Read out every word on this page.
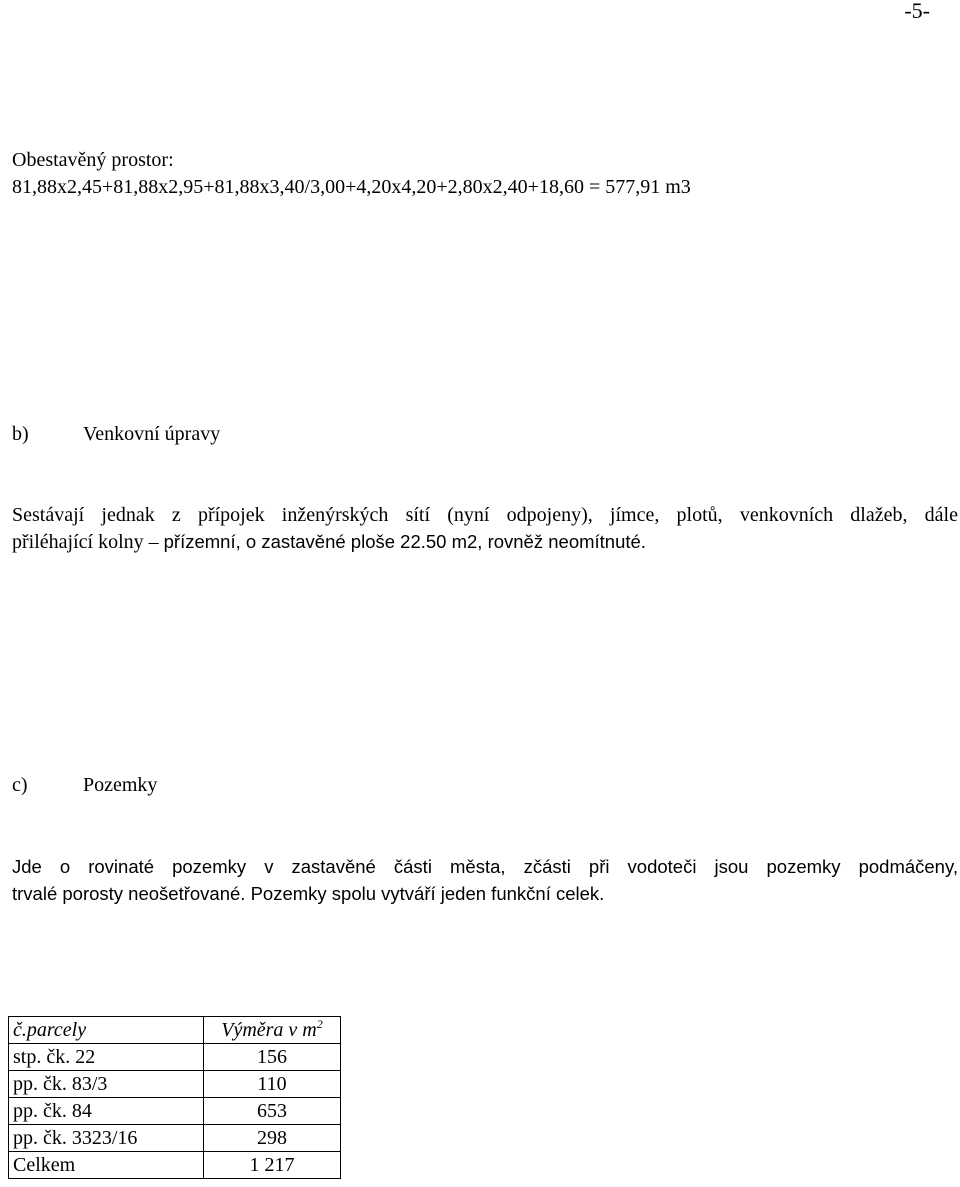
-5-
Obestavěný prostor:
81,88x2,45+81,88x2,95+81,88x3,40/3,00+4,20x4,20+2,80x2,40+18,60 = 577,91 m3
b)	Venkovní úpravy
Sestávají jednak z přípojek inženýrských sítí (nyní odpojeny), jímce, plotů, venkovních dlažeb, dále
přiléhající kolny – přízemní, o zastavěné ploše 22.50 m2, rovněž neomítnuté.
c)	Pozemky
Jde o rovinaté pozemky v zastavěné části města, zčásti při vodoteči jsou pozemky podmáčeny,
trvalé porosty neošetřované. Pozemky spolu vytváří jeden funkční celek.
č.parcely	Výměra v $m^2$
stp. čk. 22	156
pp. čk. 83/3	110
pp. čk. 84	653
pp. čk. 3323/16	298
Celkem	1 217
